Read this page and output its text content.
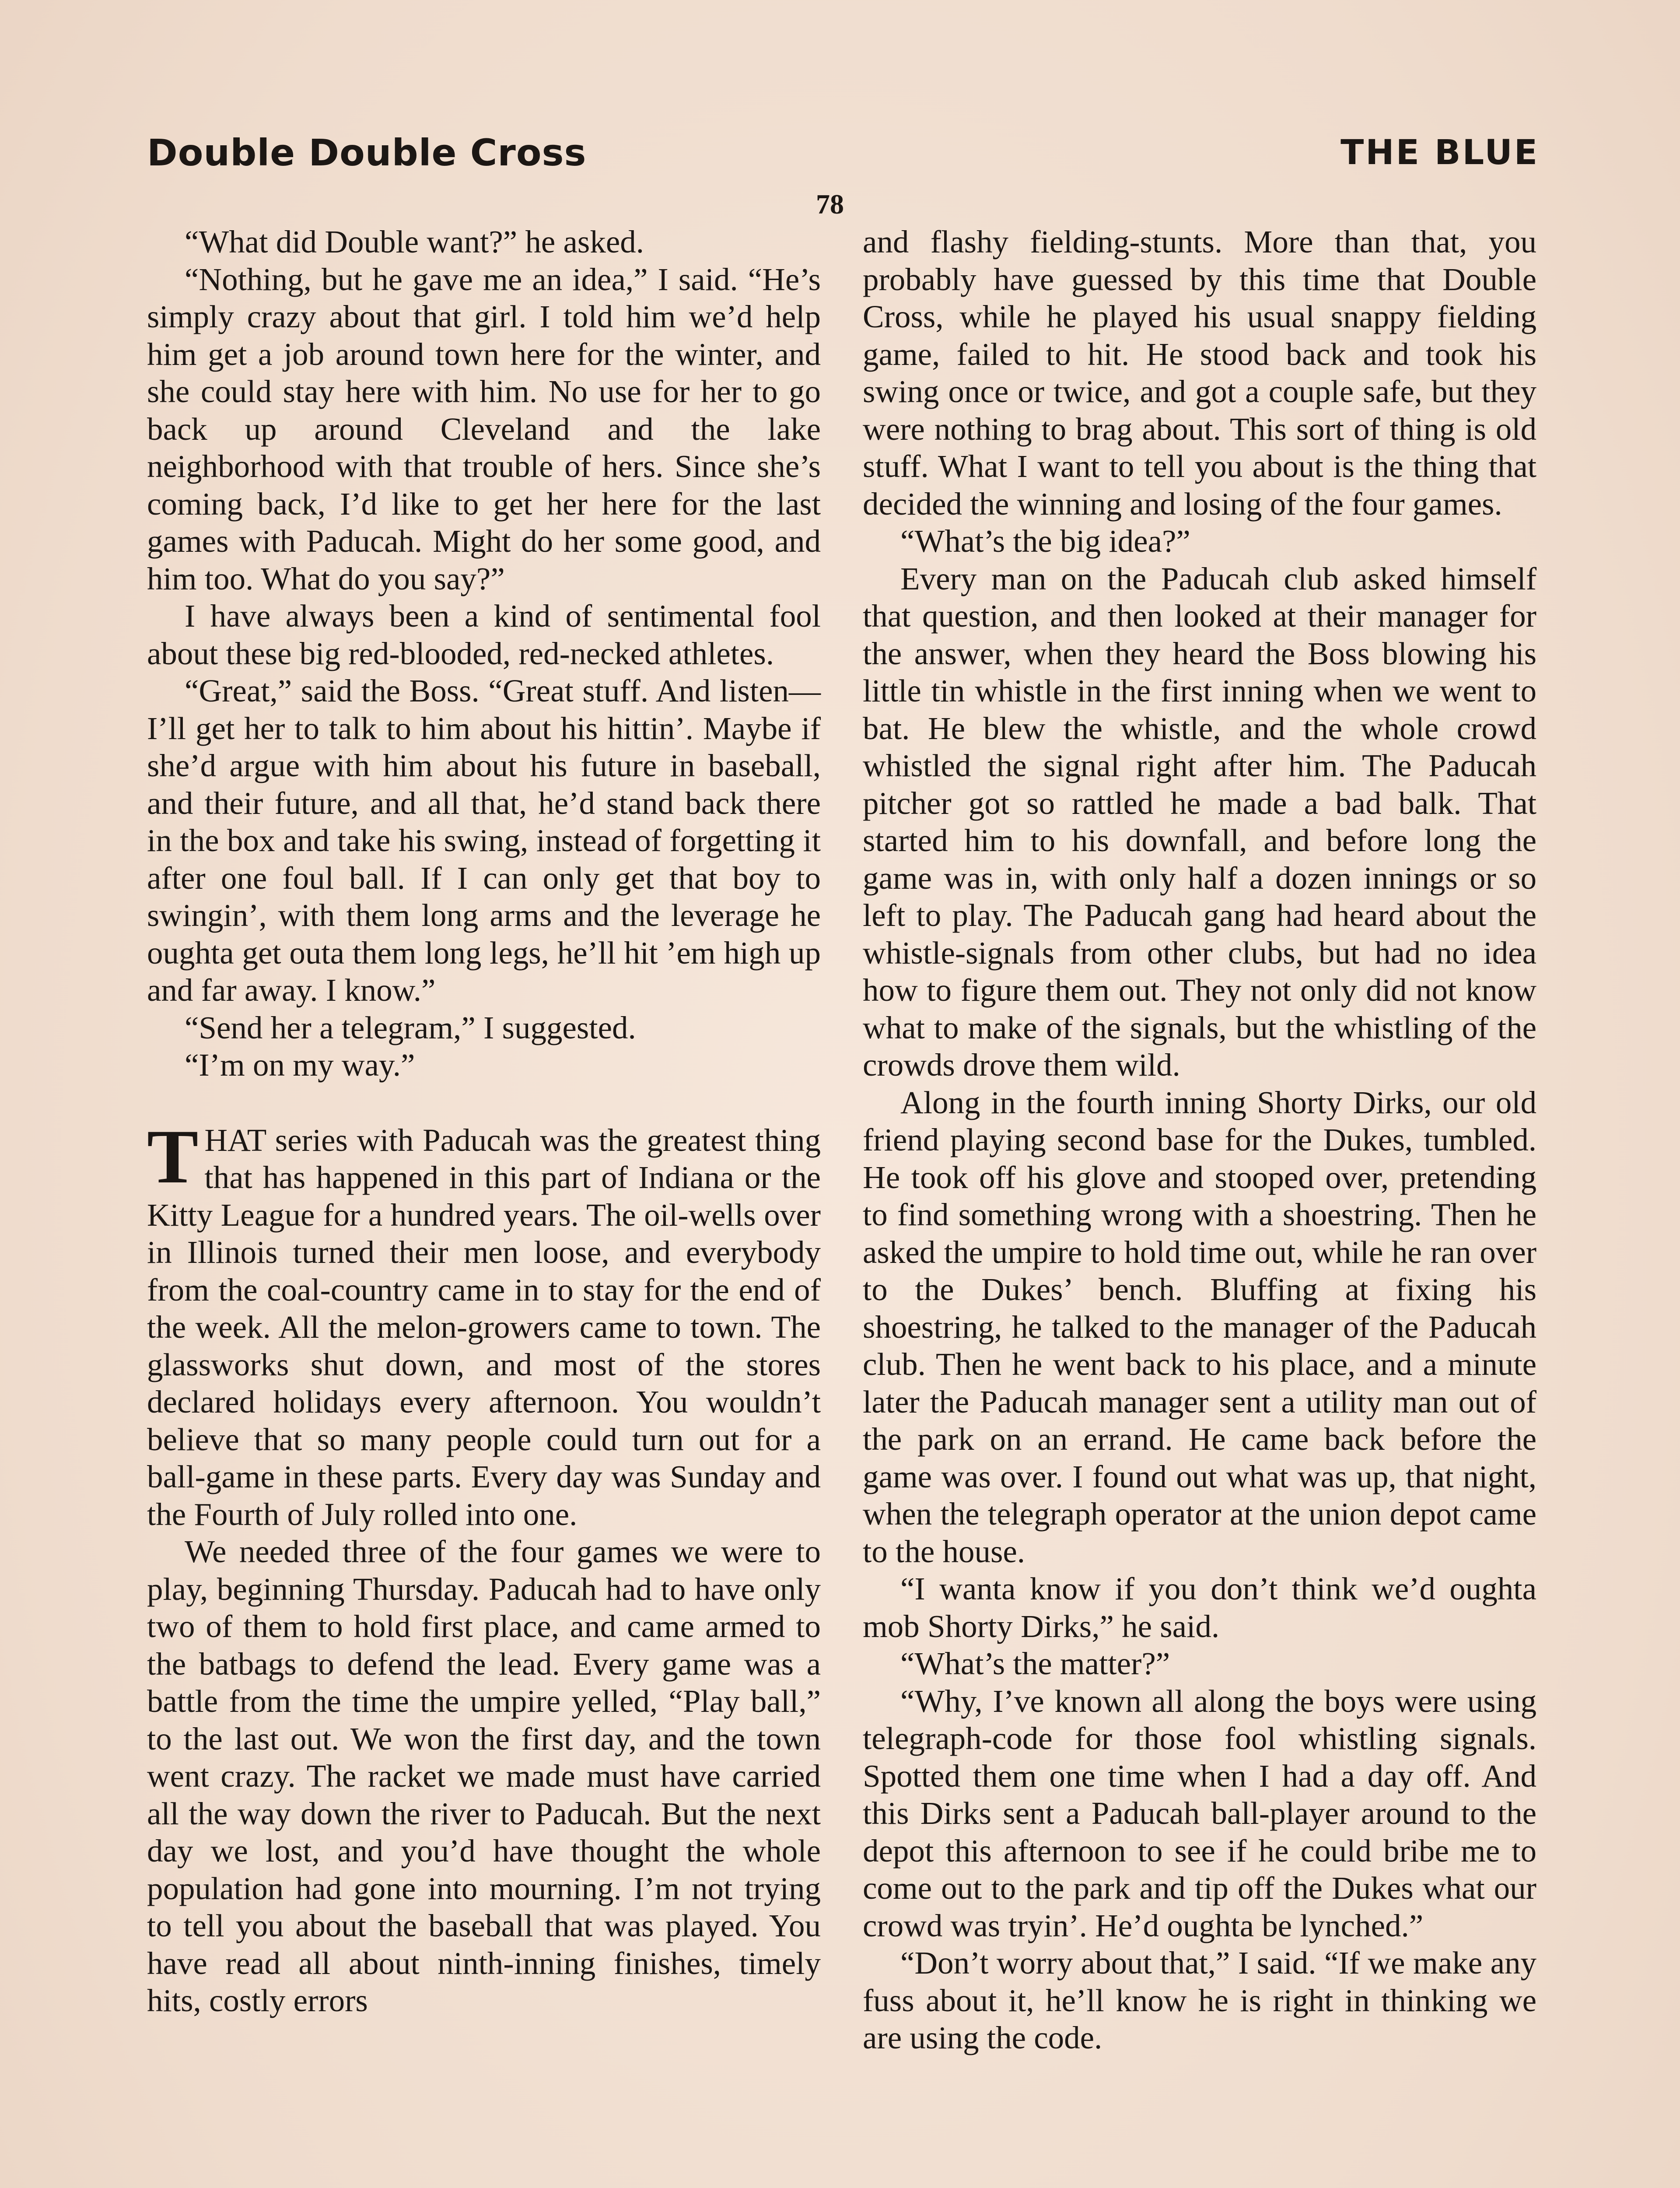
Double Double Cross	THE BLUE
78

“What did Double want?” he asked.

“Nothing, but he gave me an idea,” I said. “He’s simply crazy about that girl. I told him we’d help him get a job around town here for the winter, and she could stay here with him. No use for her to go back up around Cleveland and the lake neighborhood with that trouble of hers. Since she’s coming back, I’d like to get her here for the last games with Paducah. Might do her some good, and him too. What do you say?”

I have always been a kind of sentimental fool about these big red-blooded, red-necked athletes.

“Great,” said the Boss. “Great stuff. And listen—I’ll get her to talk to him about his hittin’. Maybe if she’d argue with him about his future in baseball, and their future, and all that, he’d stand back there in the box and take his swing, instead of forgetting it after one foul ball. If I can only get that boy to swingin’, with them long arms and the leverage he oughta get outa them long legs, he’ll hit ’em high up and far away. I know.”

“Send her a telegram,” I suggested.

“I’m on my way.”

THAT series with Paducah was the greatest thing that has happened in this part of Indiana or the Kitty League for a hundred years. The oil-wells over in Illinois turned their men loose, and everybody from the coal-country came in to stay for the end of the week. All the melon-growers came to town. The glassworks shut down, and most of the stores declared holidays every afternoon. You wouldn’t believe that so many people could turn out for a ball-game in these parts. Every day was Sunday and the Fourth of July rolled into one.

We needed three of the four games we were to play, beginning Thursday. Paducah had to have only two of them to hold first place, and came armed to the batbags to defend the lead. Every game was a battle from the time the umpire yelled, “Play ball,” to the last out. We won the first day, and the town went crazy. The racket we made must have carried all the way down the river to Paducah. But the next day we lost, and you’d have thought the whole population had gone into mourning. I’m not trying to tell you about the baseball that was played. You have read all about ninth-inning finishes, timely hits, costly errors

and flashy fielding-stunts. More than that, you probably have guessed by this time that Double Cross, while he played his usual snappy fielding game, failed to hit. He stood back and took his swing once or twice, and got a couple safe, but they were nothing to brag about. This sort of thing is old stuff. What I want to tell you about is the thing that decided the winning and losing of the four games.

“What’s the big idea?”

Every man on the Paducah club asked himself that question, and then looked at their manager for the answer, when they heard the Boss blowing his little tin whistle in the first inning when we went to bat. He blew the whistle, and the whole crowd whistled the signal right after him. The Paducah pitcher got so rattled he made a bad balk. That started him to his downfall, and before long the game was in, with only half a dozen innings or so left to play. The Paducah gang had heard about the whistle-signals from other clubs, but had no idea how to figure them out. They not only did not know what to make of the signals, but the whistling of the crowds drove them wild.

Along in the fourth inning Shorty Dirks, our old friend playing second base for the Dukes, tumbled. He took off his glove and stooped over, pretending to find something wrong with a shoestring. Then he asked the umpire to hold time out, while he ran over to the Dukes’ bench. Bluffing at fixing his shoestring, he talked to the manager of the Paducah club. Then he went back to his place, and a minute later the Paducah manager sent a utility man out of the park on an errand. He came back before the game was over. I found out what was up, that night, when the telegraph operator at the union depot came to the house.

“I wanta know if you don’t think we’d oughta mob Shorty Dirks,” he said.

“What’s the matter?”

“Why, I’ve known all along the boys were using telegraph-code for those fool whistling signals. Spotted them one time when I had a day off. And this Dirks sent a Paducah ball-player around to the depot this afternoon to see if he could bribe me to come out to the park and tip off the Dukes what our crowd was tryin’. He’d oughta be lynched.”

“Don’t worry about that,” I said. “If we make any fuss about it, he’ll know he is right in thinking we are using the code.
